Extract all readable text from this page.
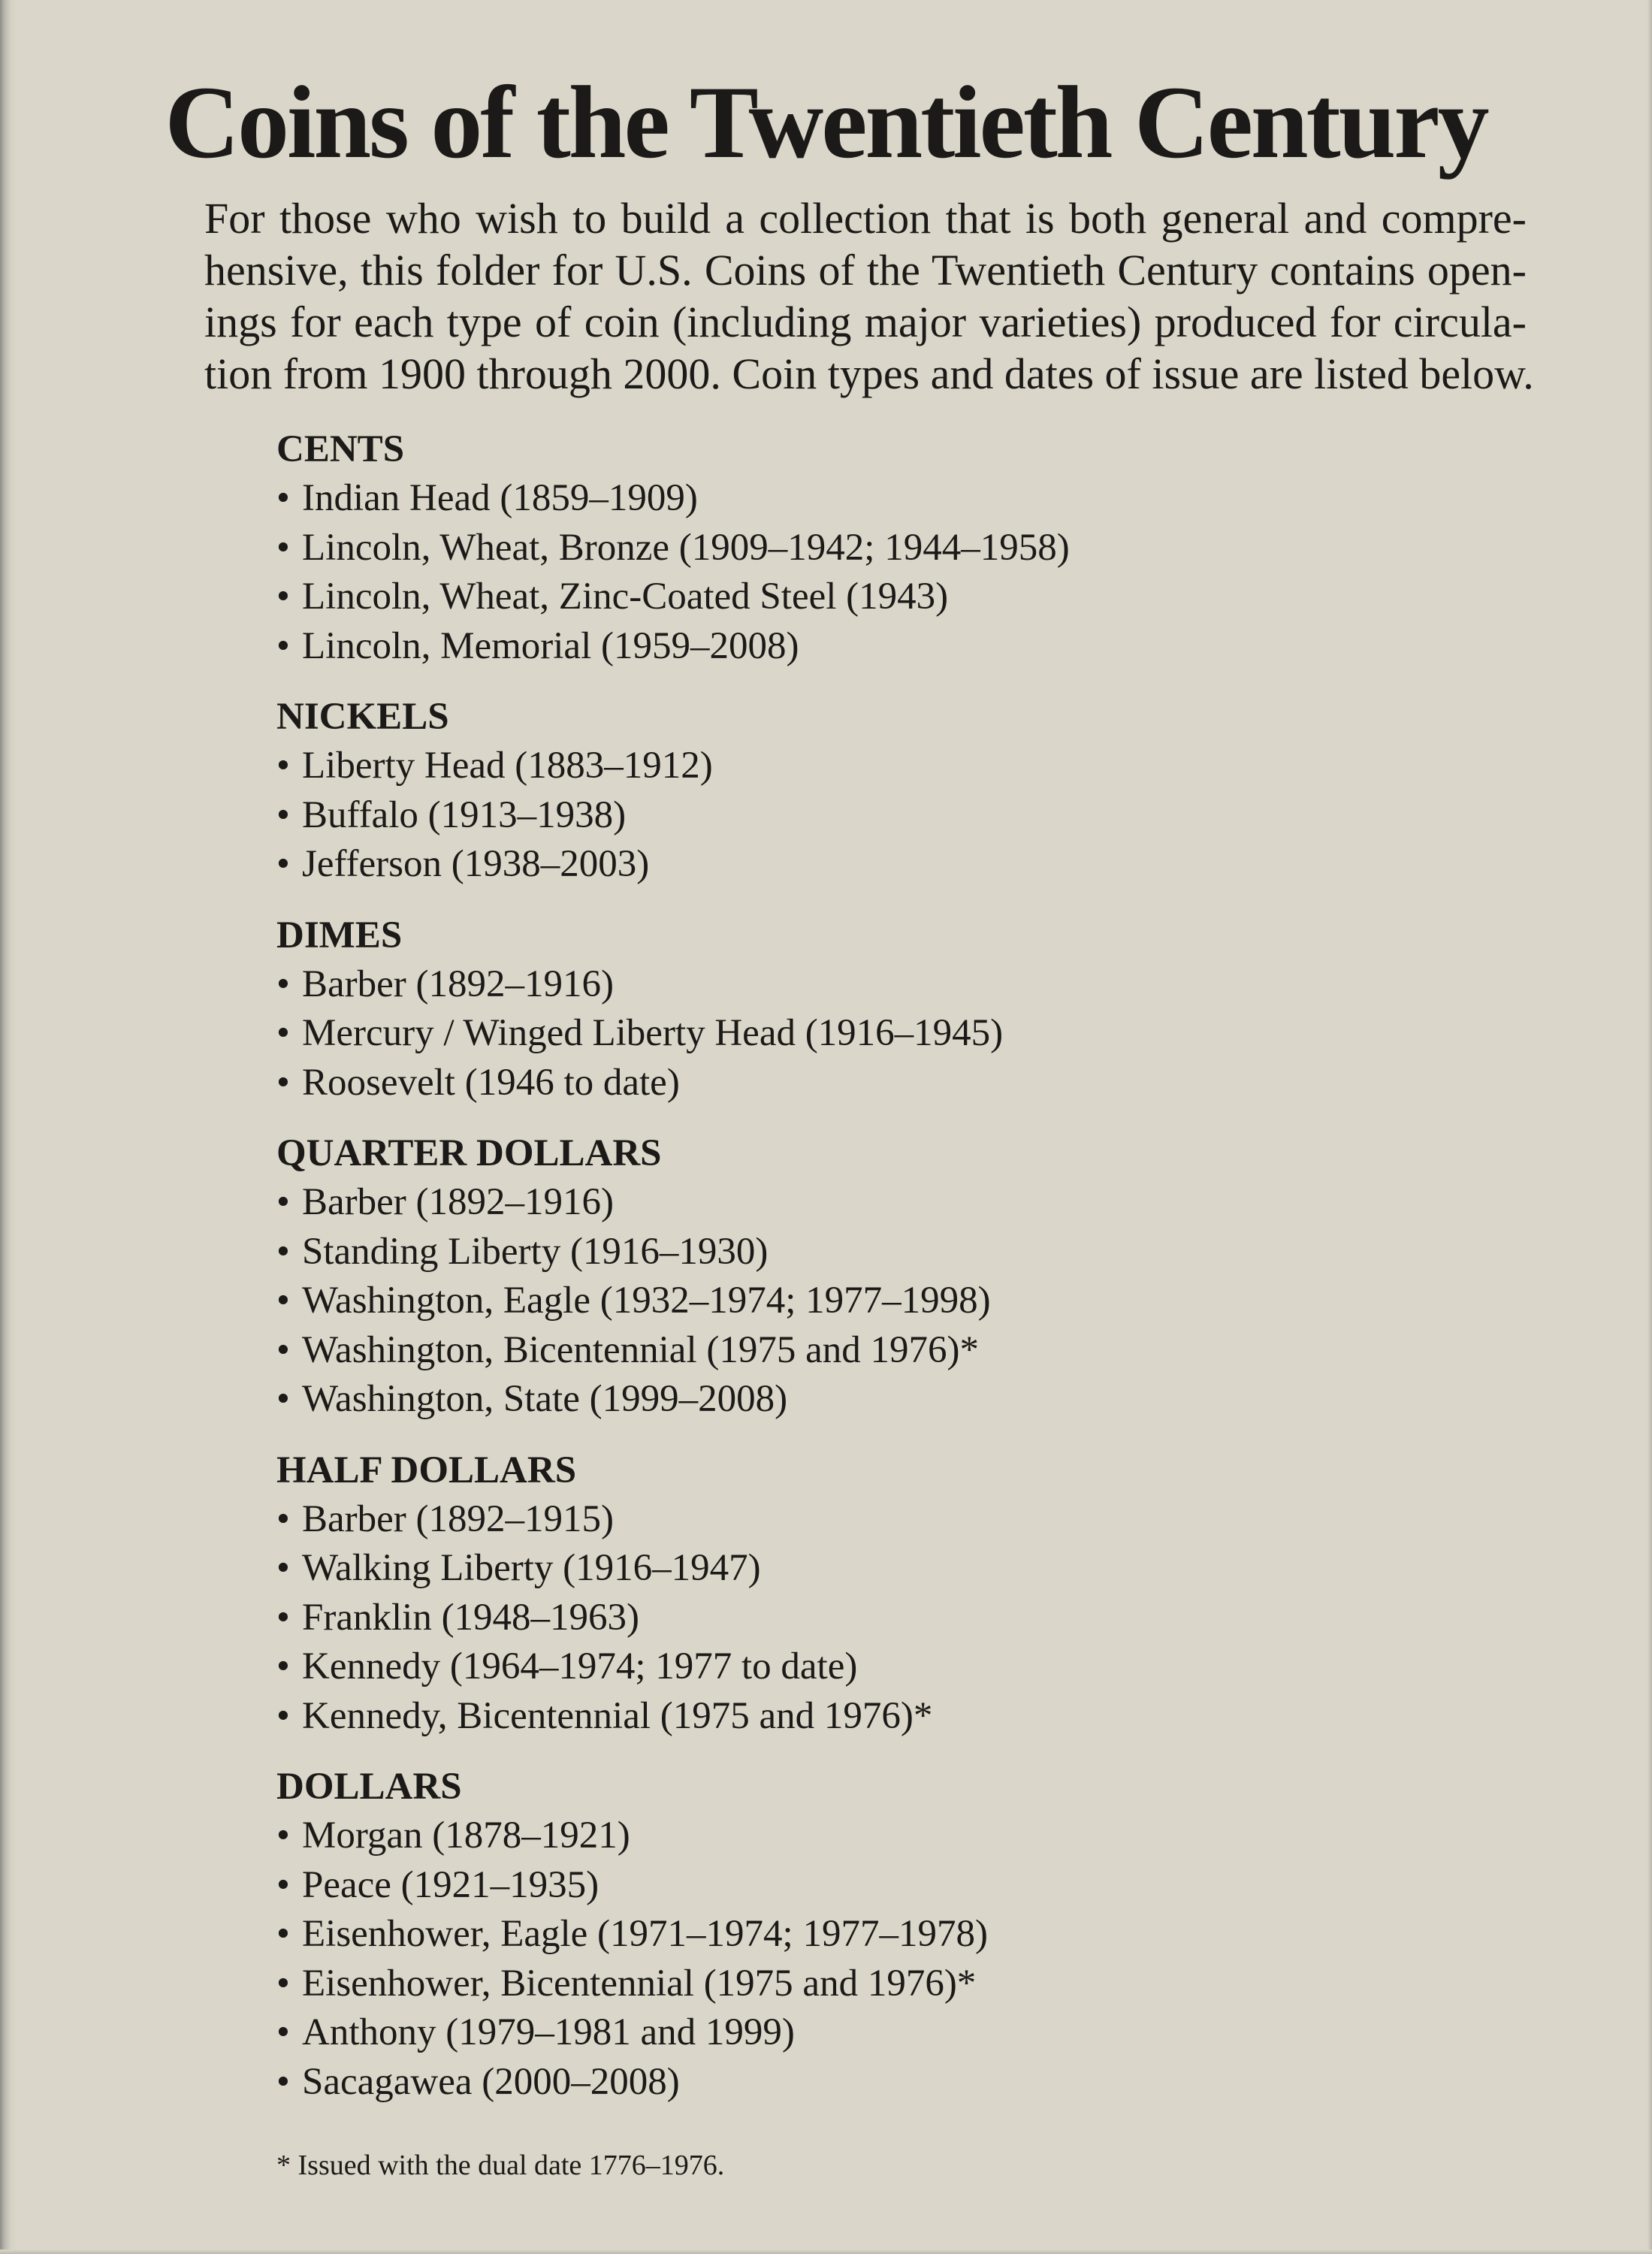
Coins of the Twentieth Century
For those who wish to build a collection that is both general and compre-
hensive, this folder for U.S. Coins of the Twentieth Century contains open-
ings for each type of coin (including major varieties) produced for circula-
tion from 1900 through 2000. Coin types and dates of issue are listed below.
CENTS
• Indian Head (1859–1909)
• Lincoln, Wheat, Bronze (1909–1942; 1944–1958)
• Lincoln, Wheat, Zinc-Coated Steel (1943)
• Lincoln, Memorial (1959–2008)
NICKELS
• Liberty Head (1883–1912)
• Buffalo (1913–1938)
• Jefferson (1938–2003)
DIMES
• Barber (1892–1916)
• Mercury / Winged Liberty Head (1916–1945)
• Roosevelt (1946 to date)
QUARTER DOLLARS
• Barber (1892–1916)
• Standing Liberty (1916–1930)
• Washington, Eagle (1932–1974; 1977–1998)
• Washington, Bicentennial (1975 and 1976)*
• Washington, State (1999–2008)
HALF DOLLARS
• Barber (1892–1915)
• Walking Liberty (1916–1947)
• Franklin (1948–1963)
• Kennedy (1964–1974; 1977 to date)
• Kennedy, Bicentennial (1975 and 1976)*
DOLLARS
• Morgan (1878–1921)
• Peace (1921–1935)
• Eisenhower, Eagle (1971–1974; 1977–1978)
• Eisenhower, Bicentennial (1975 and 1976)*
• Anthony (1979–1981 and 1999)
• Sacagawea (2000–2008)
* Issued with the dual date 1776–1976.
